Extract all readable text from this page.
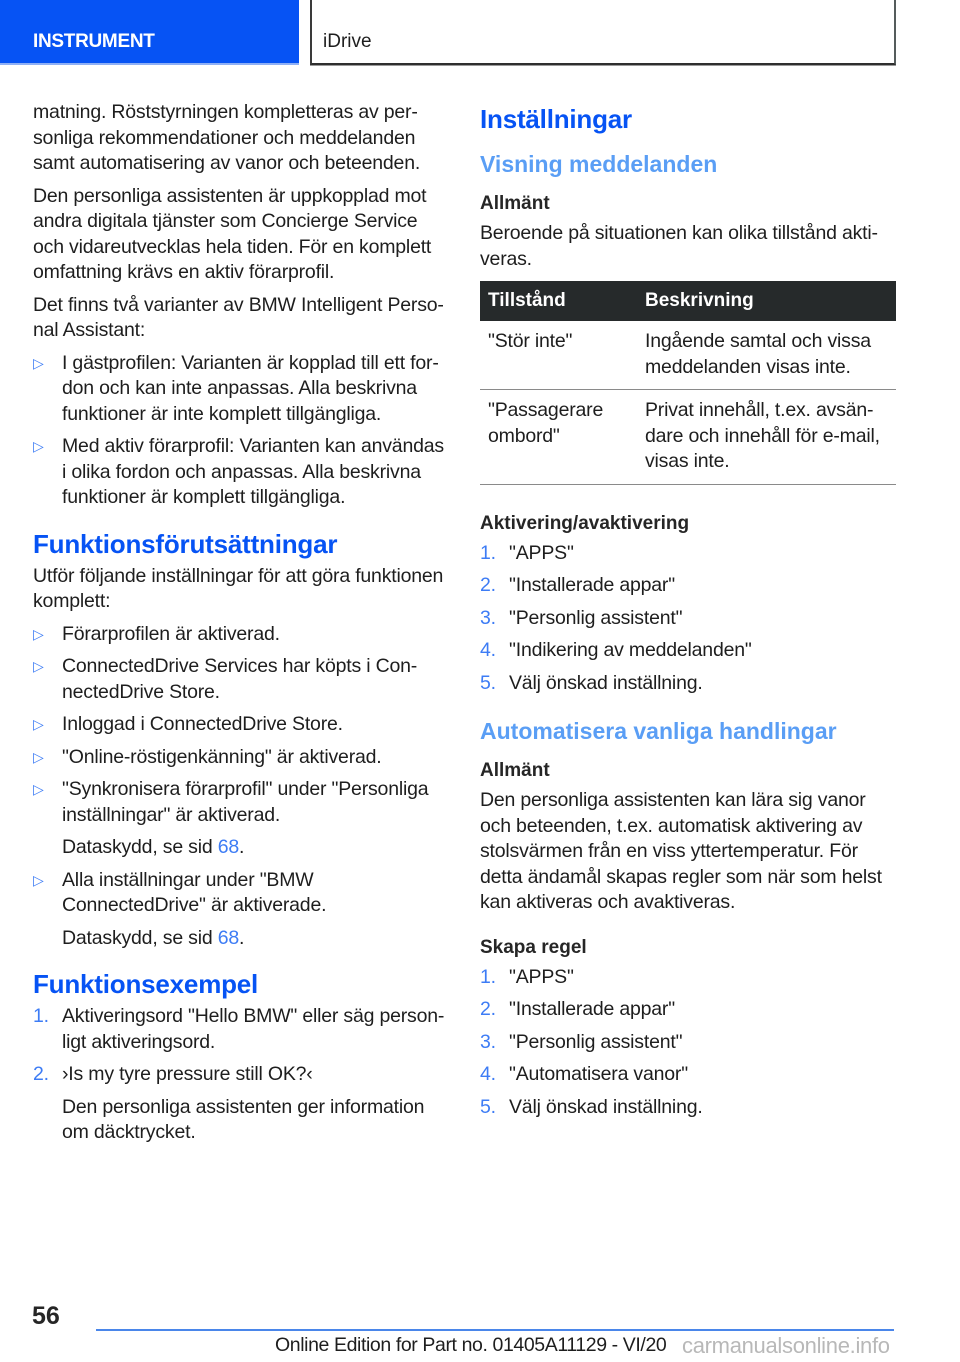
INSTRUMENT	iDrive

matning. Röststyrningen kompletteras av personliga rekommendationer och meddelanden samt automatisering av vanor och beteenden.

Den personliga assistenten är uppkopplad mot andra digitala tjänster som Concierge Service och vidareutvecklas hela tiden. För en komplett omfattning krävs en aktiv förarprofil.

Det finns två varianter av BMW Intelligent Personal Assistant:

▷ I gästprofilen: Varianten är kopplad till ett fordon och kan inte anpassas. Alla beskrivna funktioner är inte komplett tillgängliga.
▷ Med aktiv förarprofil: Varianten kan användas i olika fordon och anpassas. Alla beskrivna funktioner är komplett tillgängliga.
Funktionsförutsättningar

Utför följande inställningar för att göra funktionen komplett:

▷ Förarprofilen är aktiverad.
▷ ConnectedDrive Services har köpts i ConnectedDrive Store.
▷ Inloggad i ConnectedDrive Store.
▷ "Online-röstigenkänning" är aktiverad.
▷ "Synkronisera förarprofil" under "Personliga inställningar" är aktiverad.
Dataskydd, se sid 68.
▷ Alla inställningar under "BMW ConnectedDrive" är aktiverade.
Dataskydd, se sid 68.
Funktionsexempel
1. Aktiveringsord "Hello BMW" eller säg personligt aktiveringsord.
2. ›Is my tyre pressure still OK?‹
Den personliga assistenten ger information om däcktrycket.
Inställningar
Visning meddelanden
Allmänt

Beroende på situationen kan olika tillstånd aktiveras.

Tillstånd	Beskrivning
"Stör inte"	Ingående samtal och vissa meddelanden visas inte.
"Passagerare ombord"	Privat innehåll, t.ex. avsändare och innehåll för e-mail, visas inte.
Aktivering/avaktivering
1. "APPS"
2. "Installerade appar"
3. "Personlig assistent"
4. "Indikering av meddelanden"
5. Välj önskad inställning.
Automatisera vanliga handlingar
Allmänt

Den personliga assistenten kan lära sig vanor och beteenden, t.ex. automatisk aktivering av stolsvärmen från en viss yttertemperatur. För detta ändamål skapas regler som när som helst kan aktiveras och avaktiveras.

Skapa regel
1. "APPS"
2. "Installerade appar"
3. "Personlig assistent"
4. "Automatisera vanor"
5. Välj önskad inställning.
56
Online Edition for Part no. 01405A11129 - VI/20 carmanualsonline.info
